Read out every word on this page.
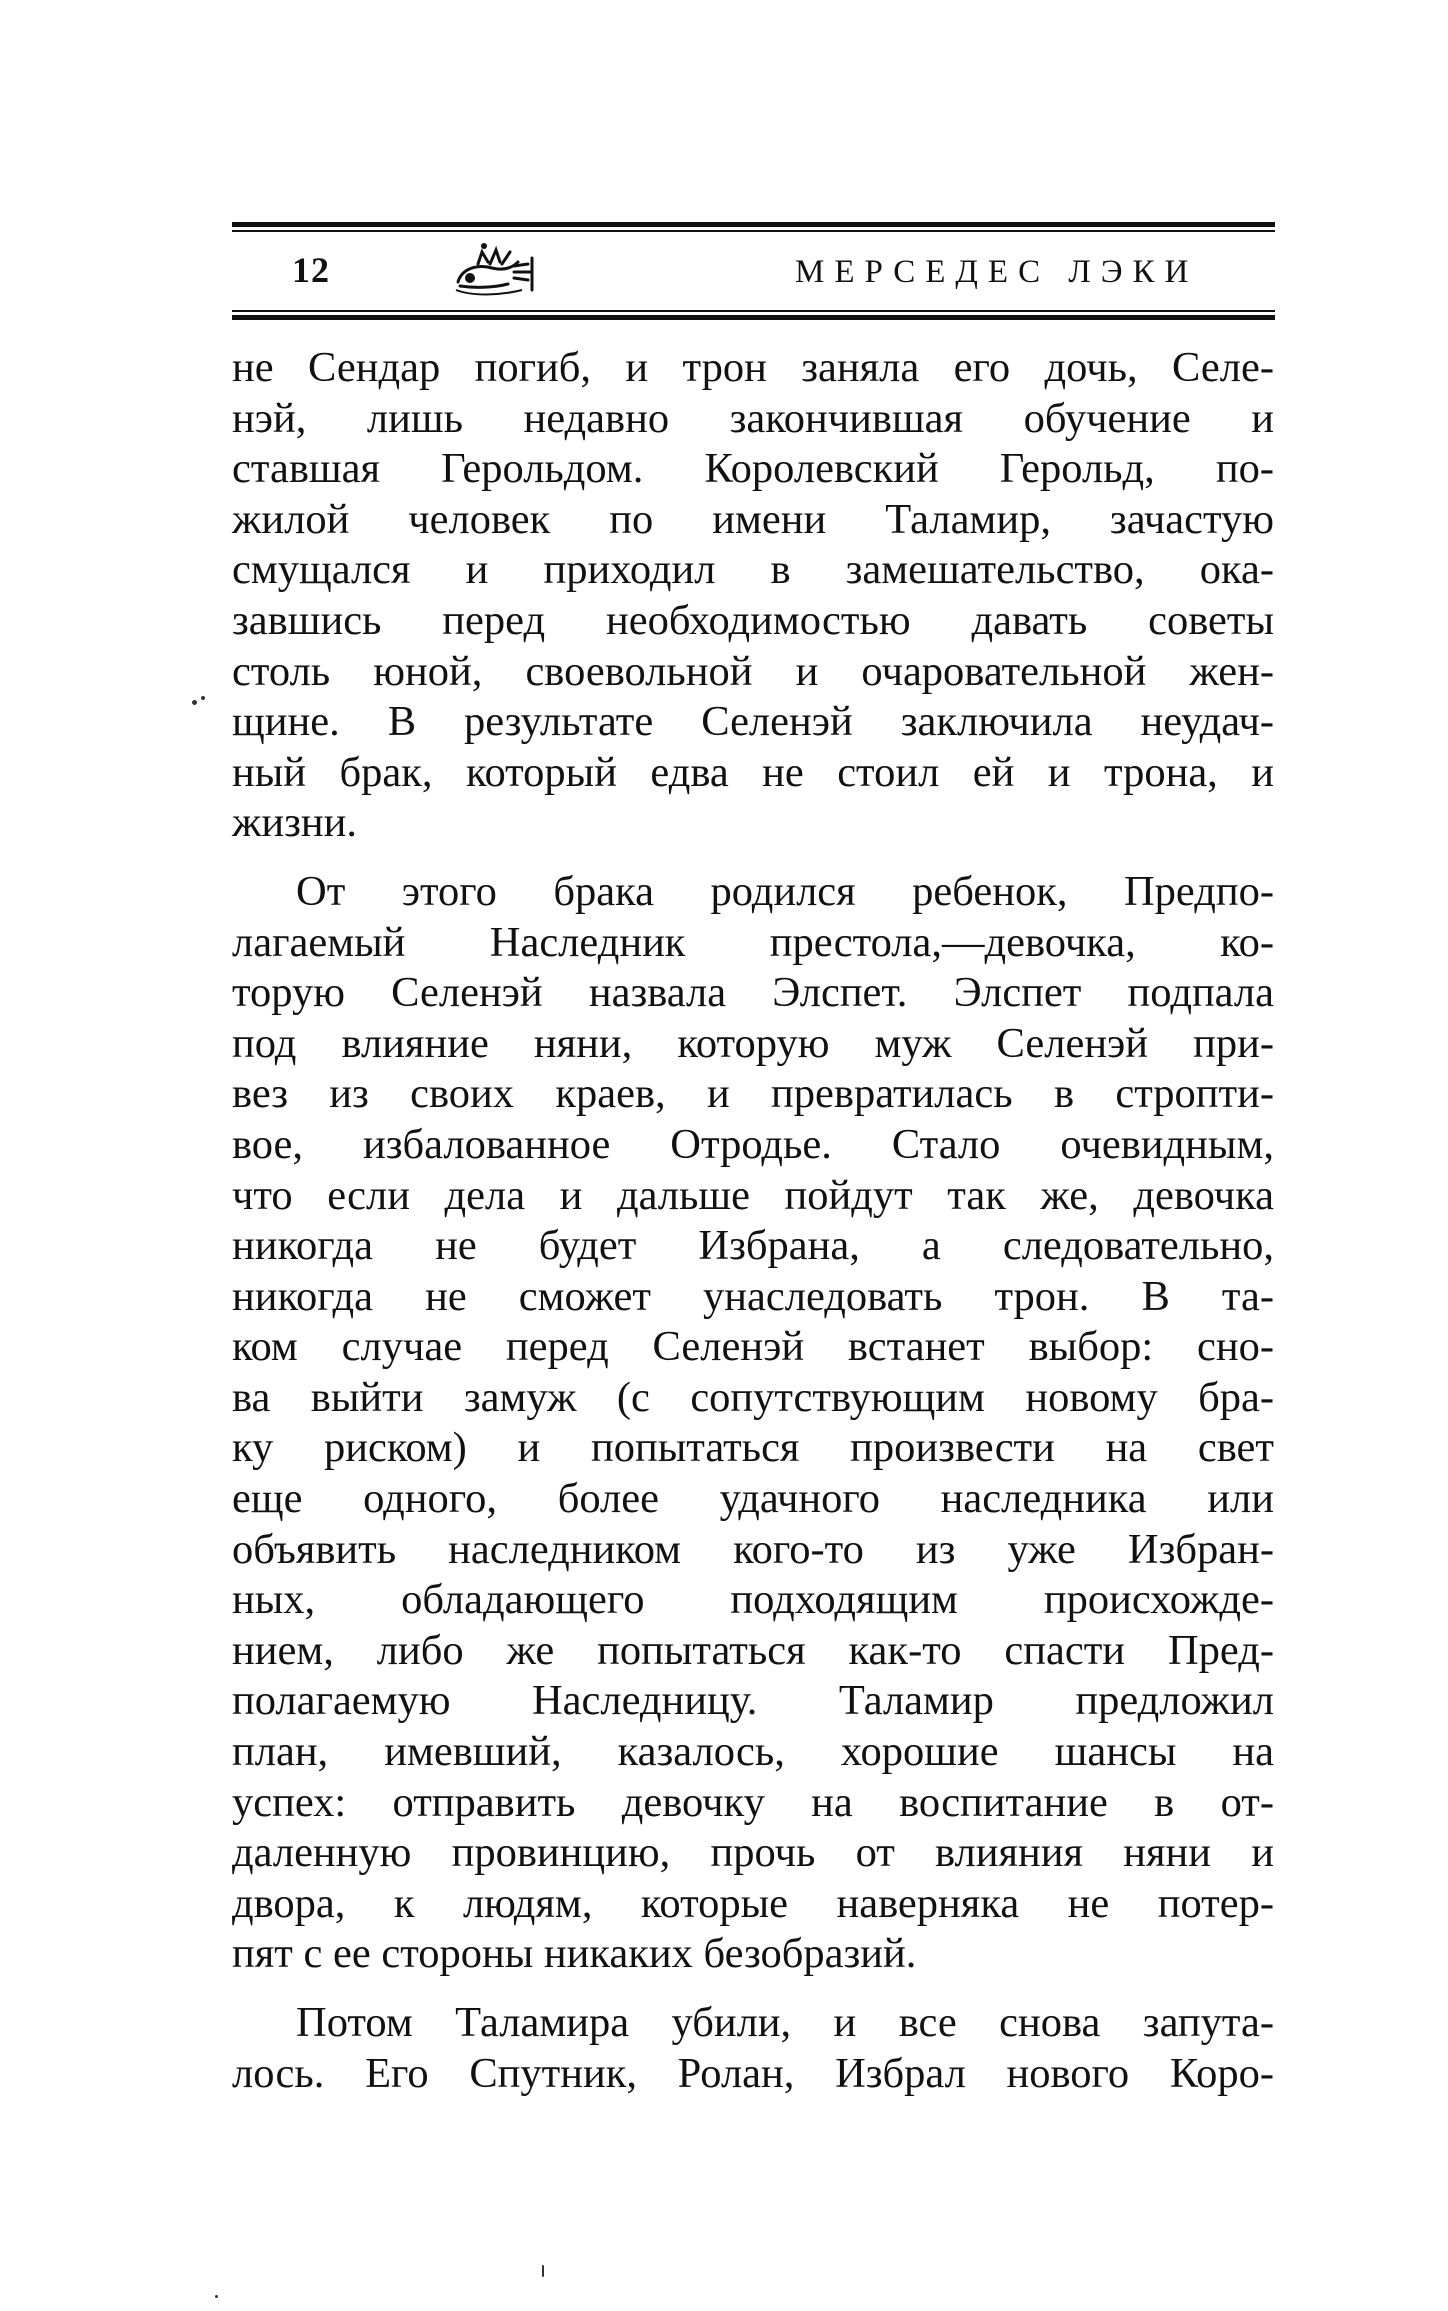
12	МЕРСЕДЕС ЛЭКИ

не Сендар погиб, и трон заняла его дочь, Селе-
нэй, лишь недавно закончившая обучение и
ставшая Герольдом. Королевский Герольд, по-
жилой человек по имени Таламир, зачастую
смущался и приходил в замешательство, ока-
завшись перед необходимостью давать советы
столь юной, своевольной и очаровательной жен-
щине. В результате Селенэй заключила неудач-
ный брак, который едва не стоил ей и трона, и
жизни.

От этого брака родился ребенок, Предпо-
лагаемый Наследник престола,—девочка, ко-
торую Селенэй назвала Элспет. Элспет подпала
под влияние няни, которую муж Селенэй при-
вез из своих краев, и превратилась в стропти-
вое, избалованное Отродье. Стало очевидным,
что если дела и дальше пойдут так же, девочка
никогда не будет Избрана, а следовательно,
никогда не сможет унаследовать трон. В та-
ком случае перед Селенэй встанет выбор: сно-
ва выйти замуж (с сопутствующим новому бра-
ку риском) и попытаться произвести на свет
еще одного, более удачного наследника или
объявить наследником кого-то из уже Избран-
ных, обладающего подходящим происхожде-
нием, либо же попытаться как-то спасти Пред-
полагаемую Наследницу. Таламир предложил
план, имевший, казалось, хорошие шансы на
успех: отправить девочку на воспитание в от-
даленную провинцию, прочь от влияния няни и
двора, к людям, которые наверняка не потер-
пят с ее стороны никаких безобразий.

Потом Таламира убили, и все снова запута-
лось. Его Спутник, Ролан, Избрал нового Коро-
